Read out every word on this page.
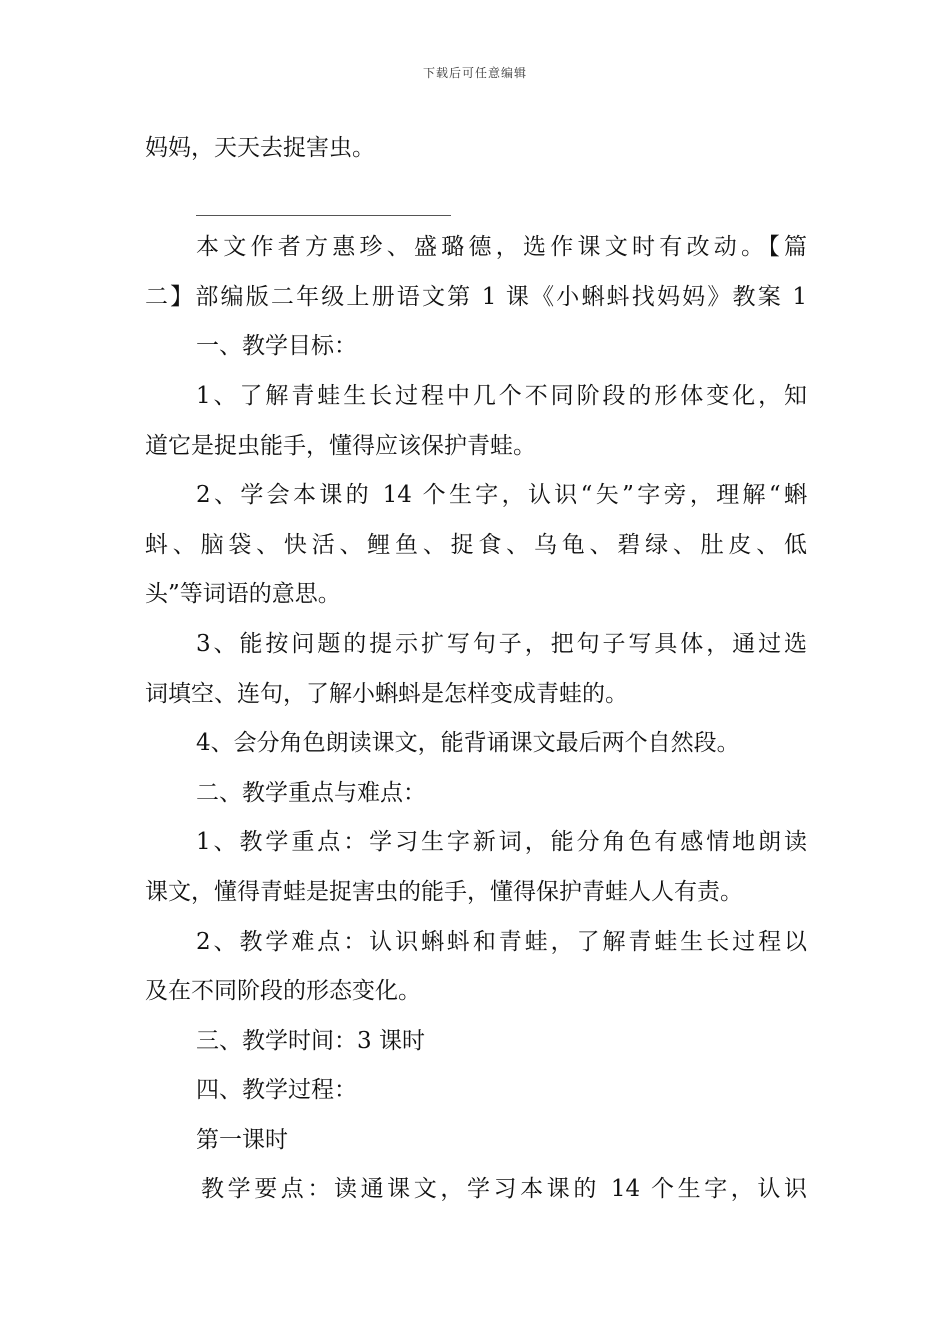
下载后可任意编辑
妈妈，天天去捉害虫。
本文作者方惠珍、盛璐德，选作课文时有改动。【篇
二】部编版二年级上册语文第 1 课《小蝌蚪找妈妈》教案 1
一、教学目标：
1、了解青蛙生长过程中几个不同阶段的形体变化，知
道它是捉虫能手，懂得应该保护青蛙。
2、学会本课的 14 个生字，认识“矢”字旁，理解“蝌
蚪、脑袋、快活、鲤鱼、捉食、乌龟、碧绿、肚皮、低
头”等词语的意思。
3、能按问题的提示扩写句子，把句子写具体，通过选
词填空、连句，了解小蝌蚪是怎样变成青蛙的。
4、会分角色朗读课文，能背诵课文最后两个自然段。
二、教学重点与难点：
1、教学重点：学习生字新词，能分角色有感情地朗读
课文，懂得青蛙是捉害虫的能手，懂得保护青蛙人人有责。
2、教学难点：认识蝌蚪和青蛙，了解青蛙生长过程以
及在不同阶段的形态变化。
三、教学时间：3 课时
四、教学过程：
第一课时
教学要点：读通课文，学习本课的 14 个生字，认识
